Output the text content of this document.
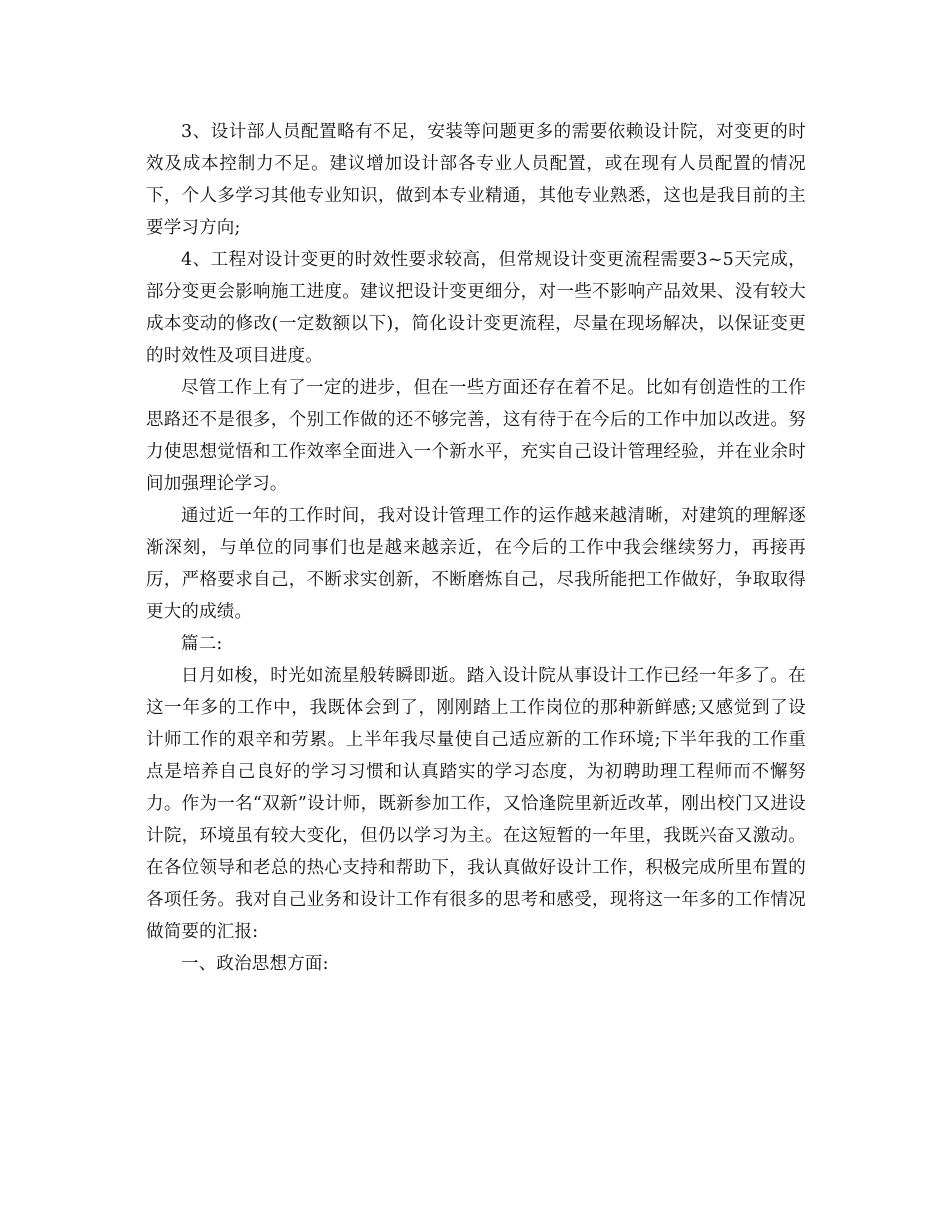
3、设计部人员配置略有不足，安装等问题更多的需要依赖设计院，对变更的时效及成本控制力不足。建议增加设计部各专业人员配置，或在现有人员配置的情况下，个人多学习其他专业知识，做到本专业精通，其他专业熟悉，这也是我目前的主要学习方向;

4、工程对设计变更的时效性要求较高，但常规设计变更流程需要3~5天完成，部分变更会影响施工进度。建议把设计变更细分，对一些不影响产品效果、没有较大成本变动的修改(一定数额以下)，简化设计变更流程，尽量在现场解决，以保证变更的时效性及项目进度。

尽管工作上有了一定的进步，但在一些方面还存在着不足。比如有创造性的工作思路还不是很多，个别工作做的还不够完善，这有待于在今后的工作中加以改进。努力使思想觉悟和工作效率全面进入一个新水平，充实自己设计管理经验，并在业余时间加强理论学习。

通过近一年的工作时间，我对设计管理工作的运作越来越清晰，对建筑的理解逐渐深刻，与单位的同事们也是越来越亲近，在今后的工作中我会继续努力，再接再厉，严格要求自己，不断求实创新，不断磨炼自己，尽我所能把工作做好，争取取得更大的成绩。

篇二:

日月如梭，时光如流星般转瞬即逝。踏入设计院从事设计工作已经一年多了。在这一年多的工作中，我既体会到了，刚刚踏上工作岗位的那种新鲜感;又感觉到了设计师工作的艰辛和劳累。上半年我尽量使自己适应新的工作环境;下半年我的工作重点是培养自己良好的学习习惯和认真踏实的学习态度，为初聘助理工程师而不懈努力。作为一名“双新”设计师，既新参加工作，又恰逢院里新近改革，刚出校门又进设计院，环境虽有较大变化，但仍以学习为主。在这短暂的一年里，我既兴奋又激动。在各位领导和老总的热心支持和帮助下，我认真做好设计工作，积极完成所里布置的各项任务。我对自己业务和设计工作有很多的思考和感受，现将这一年多的工作情况做简要的汇报:

一、政治思想方面:
